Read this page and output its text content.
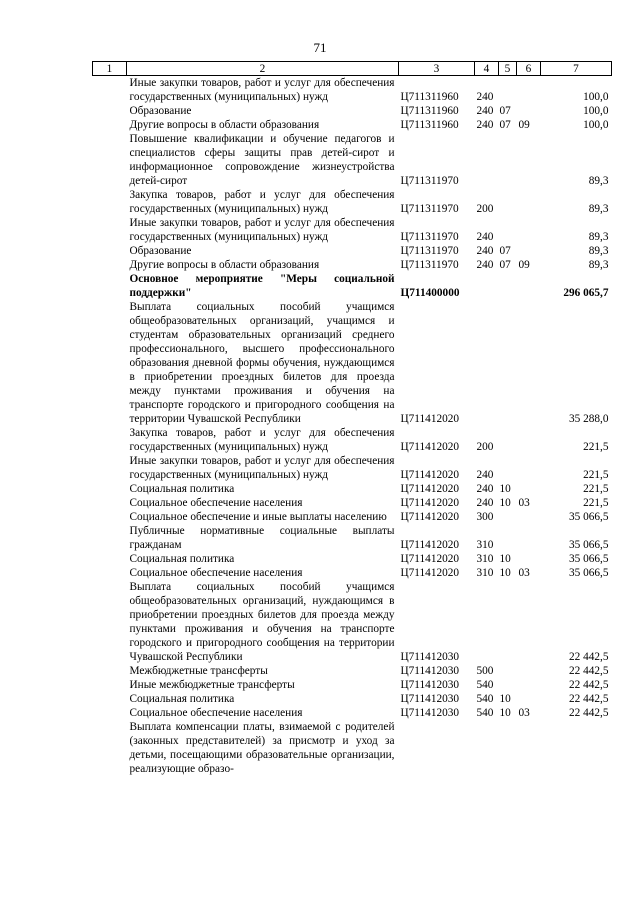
71
1	2	3	4	5	6	7
	Иные закупки товаров, работ и услуг для обеспечения государственных (муниципальных) нужд	Ц711311960	240			100,0
	Образование	Ц711311960	240	07		100,0
	Другие вопросы в области образования	Ц711311960	240	07	09	100,0
	Повышение квалификации и обучение педагогов и специалистов сферы защиты прав детей-сирот и информационное сопровождение жизнеустройства детей-сирот	Ц711311970				89,3
	Закупка товаров, работ и услуг для обеспечения государственных (муниципальных) нужд	Ц711311970	200			89,3
	Иные закупки товаров, работ и услуг для обеспечения государственных (муниципальных) нужд	Ц711311970	240			89,3
	Образование	Ц711311970	240	07		89,3
	Другие вопросы в области образования	Ц711311970	240	07	09	89,3
	Основное мероприятие "Меры социальной поддержки"	Ц711400000				296 065,7
	Выплата социальных пособий учащимся общеобразовательных организаций, учащимся и студентам образовательных организаций среднего профессионального, высшего профессионального образования дневной формы обучения, нуждающимся в приобретении проездных билетов для проезда между пунктами проживания и обучения на транспорте городского и пригородного сообщения на территории Чувашской Республики	Ц711412020				35 288,0
	Закупка товаров, работ и услуг для обеспечения государственных (муниципальных) нужд	Ц711412020	200			221,5
	Иные закупки товаров, работ и услуг для обеспечения государственных (муниципальных) нужд	Ц711412020	240			221,5
	Социальная политика	Ц711412020	240	10		221,5
	Социальное обеспечение населения	Ц711412020	240	10	03	221,5
	Социальное обеспечение и иные выплаты населению	Ц711412020	300			35 066,5
	Публичные нормативные социальные выплаты гражданам	Ц711412020	310			35 066,5
	Социальная политика	Ц711412020	310	10		35 066,5
	Социальное обеспечение населения	Ц711412020	310	10	03	35 066,5
	Выплата социальных пособий учащимся общеобразовательных организаций, нуждающимся в приобретении проездных билетов для проезда между пунктами проживания и обучения на транспорте городского и пригородного сообщения на территории Чувашской Республики	Ц711412030				22 442,5
	Межбюджетные трансферты	Ц711412030	500			22 442,5
	Иные межбюджетные трансферты	Ц711412030	540			22 442,5
	Социальная политика	Ц711412030	540	10		22 442,5
	Социальное обеспечение населения	Ц711412030	540	10	03	22 442,5
	Выплата компенсации платы, взимаемой с родителей (законных представителей) за присмотр и уход за детьми, посещающими образовательные организации, реализующие образо-					
